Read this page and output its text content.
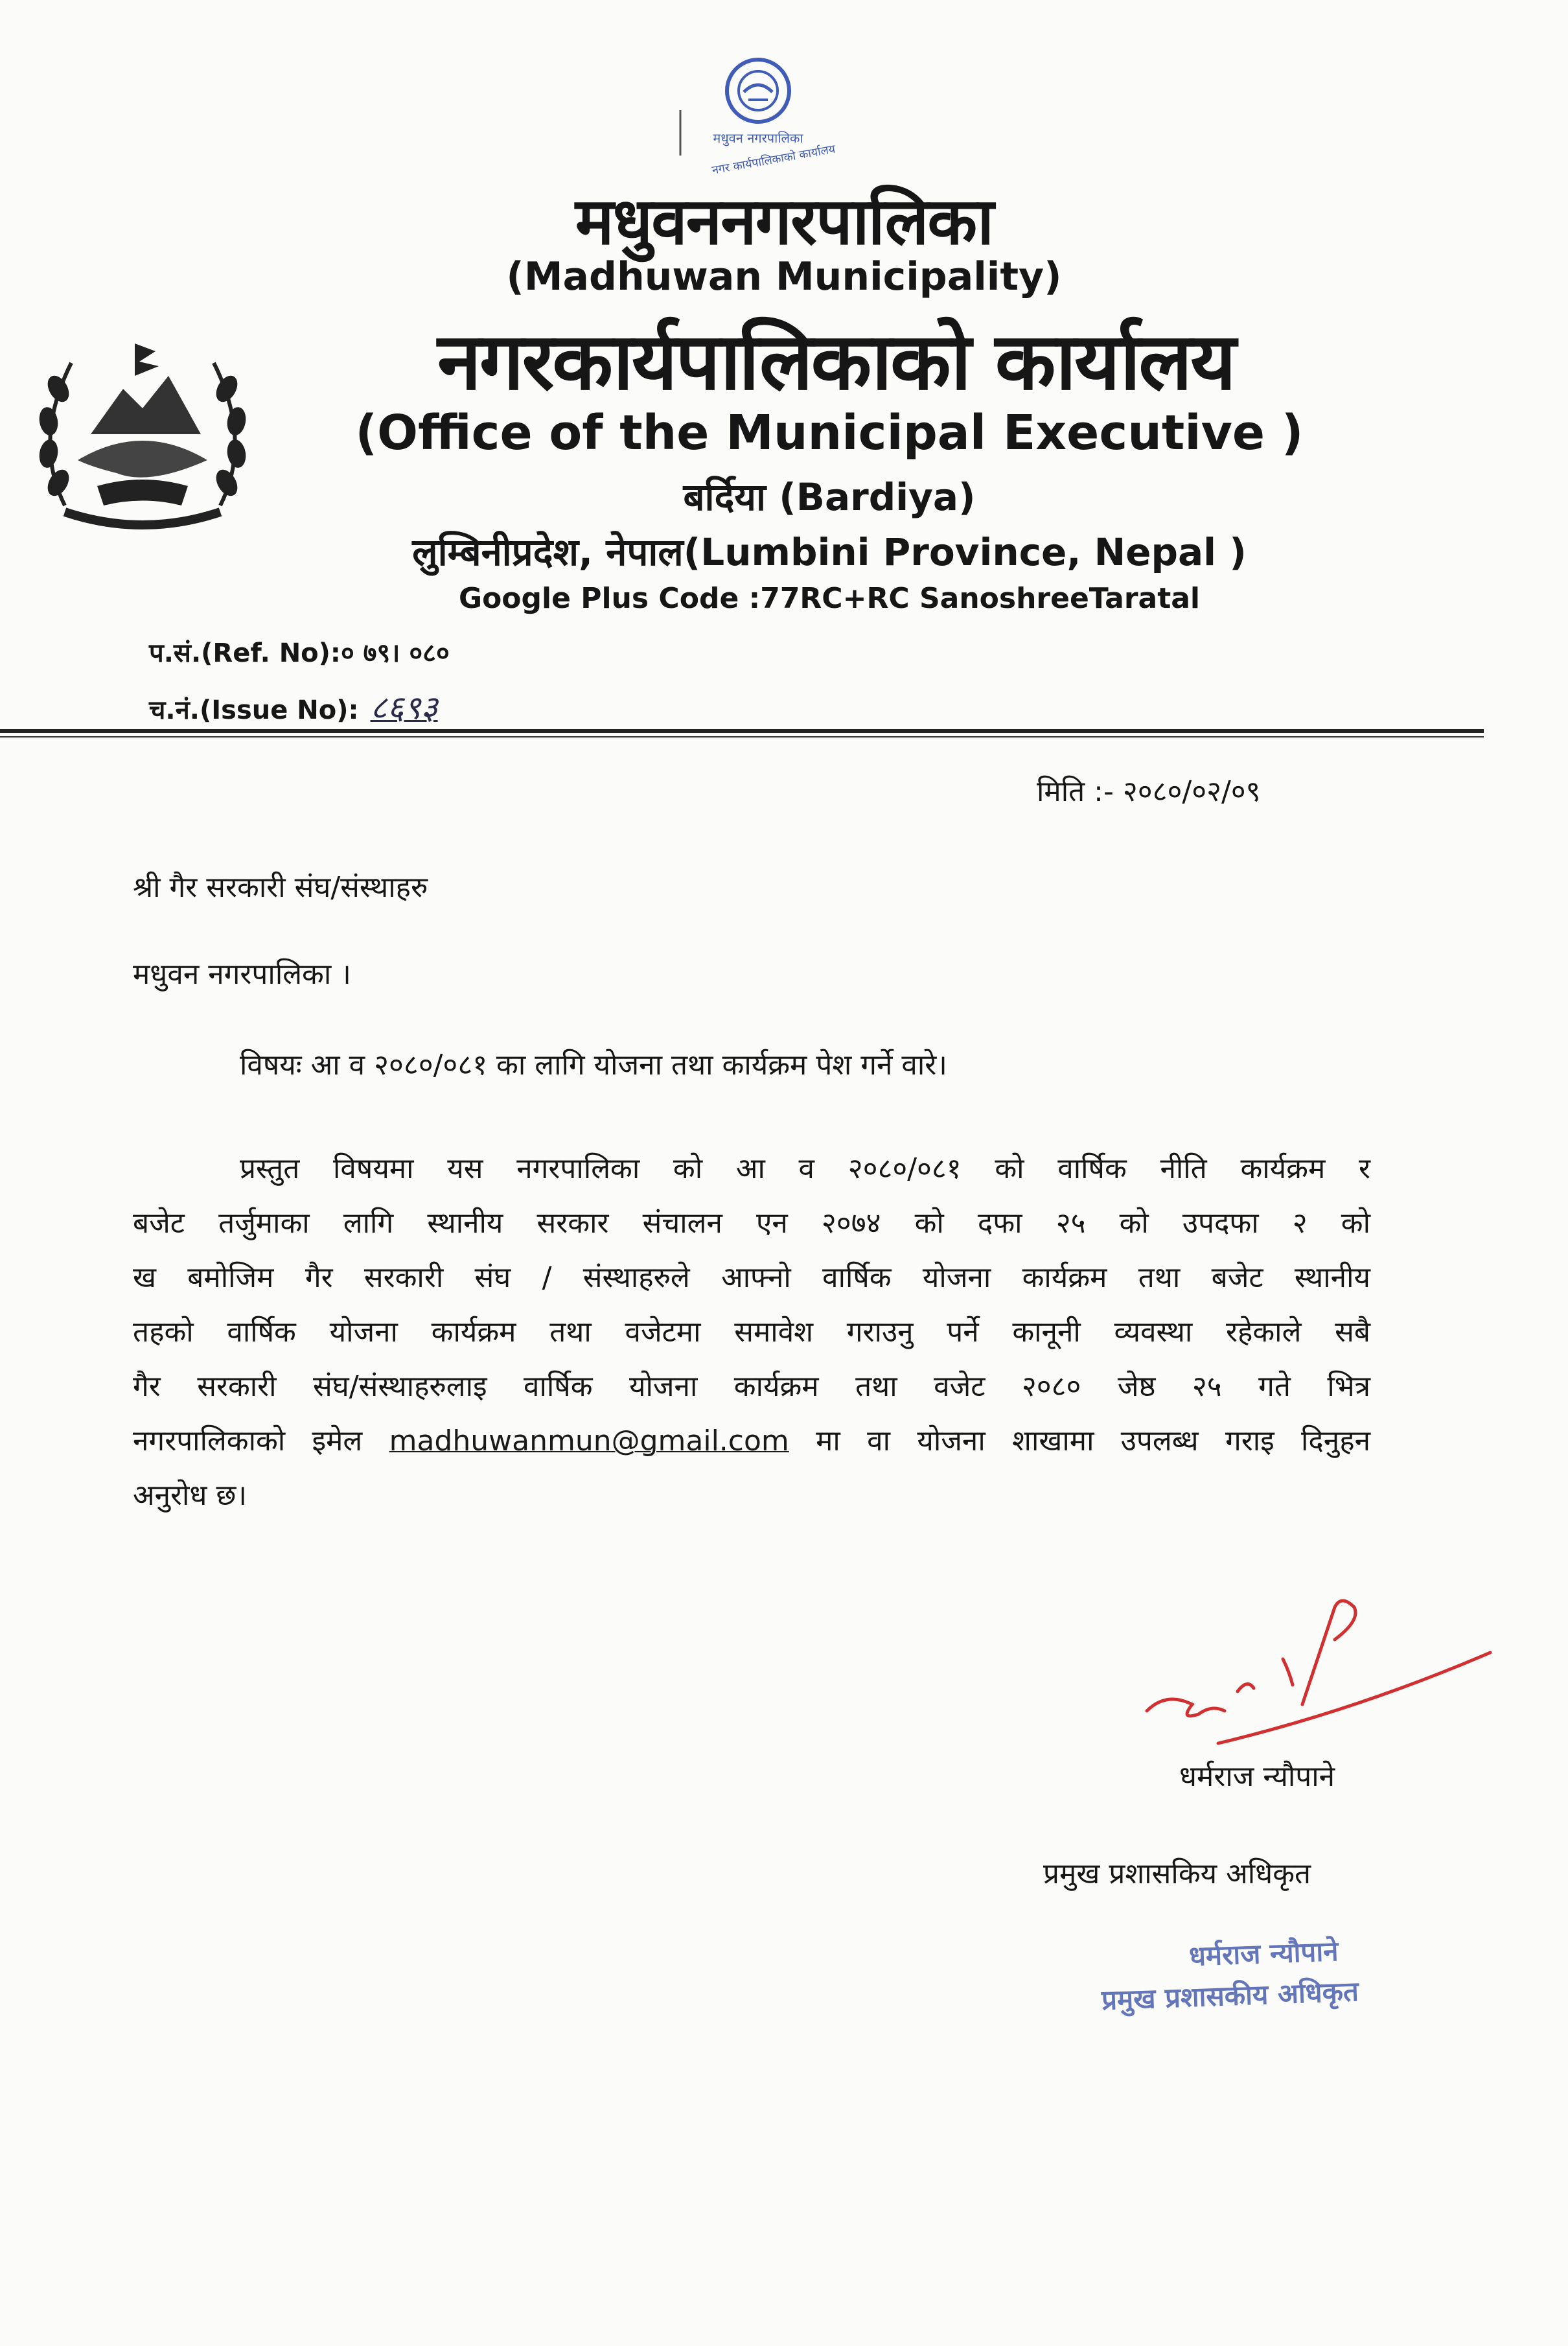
मधुवन नगरपालिका
नगर कार्यपालिकाको कार्यालय
मधुवननगरपालिका
(Madhuwan Municipality)
नगरकार्यपालिकाको कार्यालय
(Office of the Municipal Executive )
बर्दिया (Bardiya)
लुम्बिनीप्रदेश, नेपाल(Lumbini Province, Nepal )
Google Plus Code :77RC+RC SanoshreeTaratal
प.सं.(Ref. No):० ७९। ०८०
च.नं.(Issue No): ८६९३
मिति :- २०८०/०२/०९
श्री गैर सरकारी संघ/संस्थाहरु
मधुवन नगरपालिका ।
विषयः आ व २०८०/०८१ का लागि योजना तथा कार्यक्रम पेश गर्ने वारे।
प्रस्तुत विषयमा यस नगरपालिका को आ व २०८०/०८१ को वार्षिक नीति कार्यक्रम र
बजेट तर्जुमाका लागि स्थानीय सरकार संचालन एन २०७४ को दफा २५ को उपदफा २ को
ख बमोजिम गैर सरकारी संघ / संस्थाहरुले आफ्नो वार्षिक योजना कार्यक्रम तथा बजेट स्थानीय
तहको वार्षिक योजना कार्यक्रम तथा वजेटमा समावेश गराउनु पर्ने कानूनी व्यवस्था रहेकाले सबै
गैर सरकारी संघ/संस्थाहरुलाइ वार्षिक योजना कार्यक्रम तथा वजेट २०८० जेष्ठ २५ गते भित्र
नगरपालिकाको इमेल madhuwanmun@gmail.com मा वा योजना शाखामा उपलब्ध गराइ दिनुहन
अनुरोध छ।
धर्मराज न्यौपाने
प्रमुख प्रशासकिय अधिकृत
धर्मराज न्यौपाने
प्रमुख प्रशासकीय अधिकृत
